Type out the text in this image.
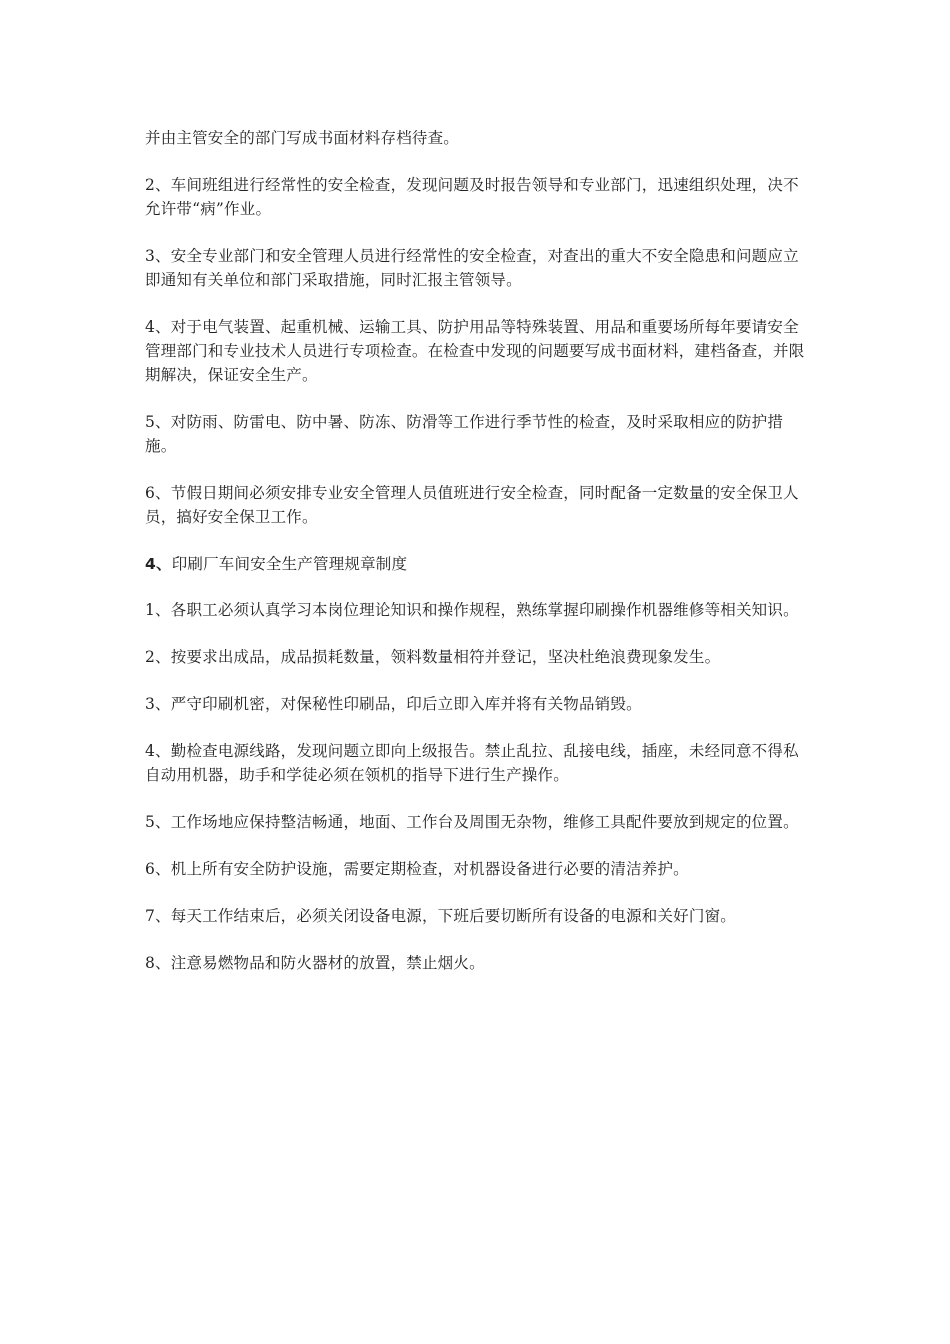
并由主管安全的部门写成书面材料存档待查。

2、车间班组进行经常性的安全检查，发现问题及时报告领导和专业部门，迅速组织处理，决不允许带“病”作业。

3、安全专业部门和安全管理人员进行经常性的安全检查，对查出的重大不安全隐患和问题应立即通知有关单位和部门采取措施，同时汇报主管领导。

4、对于电气装置、起重机械、运输工具、防护用品等特殊装置、用品和重要场所每年要请安全管理部门和专业技术人员进行专项检查。在检查中发现的问题要写成书面材料，建档备查，并限期解决，保证安全生产。

5、对防雨、防雷电、防中暑、防冻、防滑等工作进行季节性的检查，及时采取相应的防护措施。

6、节假日期间必须安排专业安全管理人员值班进行安全检查，同时配备一定数量的安全保卫人员，搞好安全保卫工作。

4、印刷厂车间安全生产管理规章制度

1、各职工必须认真学习本岗位理论知识和操作规程，熟练掌握印刷操作机器维修等相关知识。

2、按要求出成品，成品损耗数量，领料数量相符并登记，坚决杜绝浪费现象发生。

3、严守印刷机密，对保秘性印刷品，印后立即入库并将有关物品销毁。

4、勤检查电源线路，发现问题立即向上级报告。禁止乱拉、乱接电线，插座，未经同意不得私自动用机器，助手和学徒必须在领机的指导下进行生产操作。

5、工作场地应保持整洁畅通，地面、工作台及周围无杂物，维修工具配件要放到规定的位置。

6、机上所有安全防护设施，需要定期检查，对机器设备进行必要的清洁养护。

7、每天工作结束后，必须关闭设备电源，下班后要切断所有设备的电源和关好门窗。

8、注意易燃物品和防火器材的放置，禁止烟火。
